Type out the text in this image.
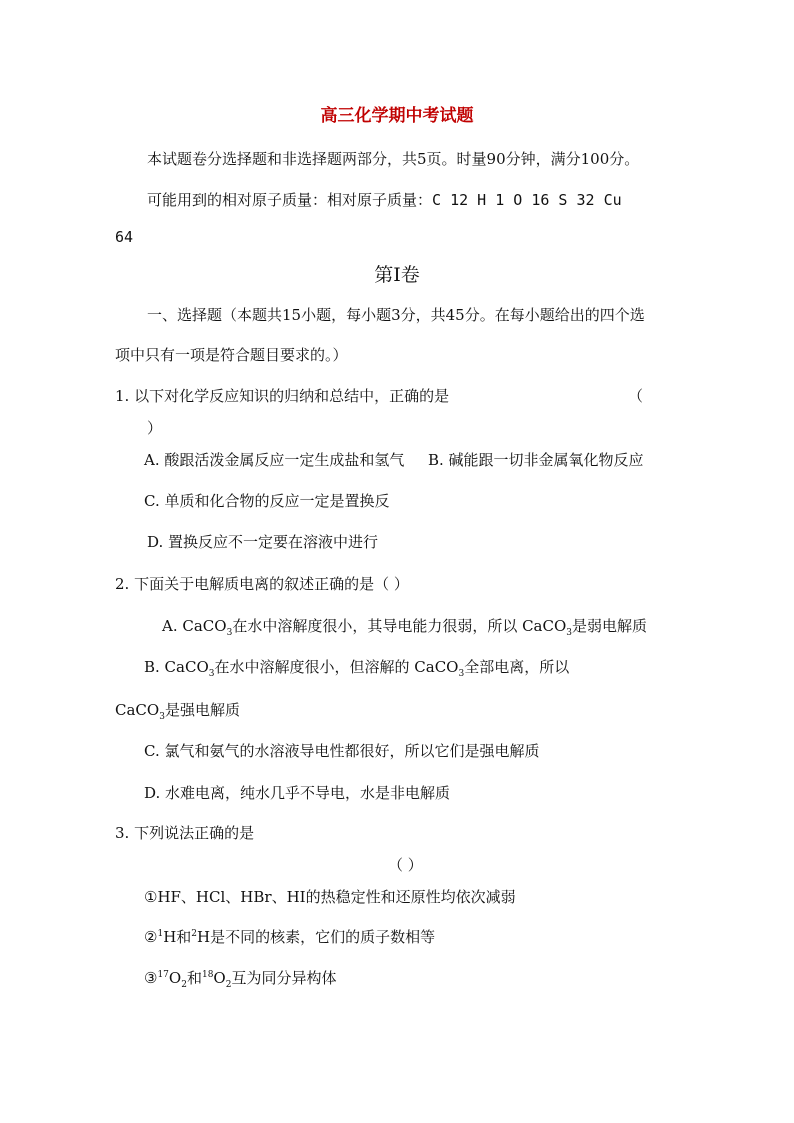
高三化学期中考试题
本试题卷分选择题和非选择题两部分，共5页。时量90分钟，满分100分。
可能用到的相对原子质量：相对原子质量：C 12 H 1 O 16 S 32 Cu
64
第Ⅰ卷
一、选择题（本题共15小题，每小题3分，共45分。在每小题给出的四个选
项中只有一项是符合题目要求的。）
1. 以下对化学反应知识的归纳和总结中，正确的是	（
）
A. 酸跟活泼金属反应一定生成盐和氢气 B. 碱能跟一切非金属氧化物反应
C. 单质和化合物的反应一定是置换反
D. 置换反应不一定要在溶液中进行
2. 下面关于电解质电离的叙述正确的是（ ）
A. CaCO$_3$在水中溶解度很小，其导电能力很弱，所以 CaCO$_3$是弱电解质
B. CaCO$_3$在水中溶解度很小，但溶解的 CaCO$_3$全部电离，所以
CaCO$_3$是强电解质
C. 氯气和氨气的水溶液导电性都很好，所以它们是强电解质
D. 水难电离，纯水几乎不导电，水是非电解质
3. 下列说法正确的是
（ ）
①HF、HCl、HBr、HI的热稳定性和还原性均依次减弱
②$^1$H和$^2$H是不同的核素，它们的质子数相等
$③^{17}O_2$和$^{18}O_2$互为同分异构体
